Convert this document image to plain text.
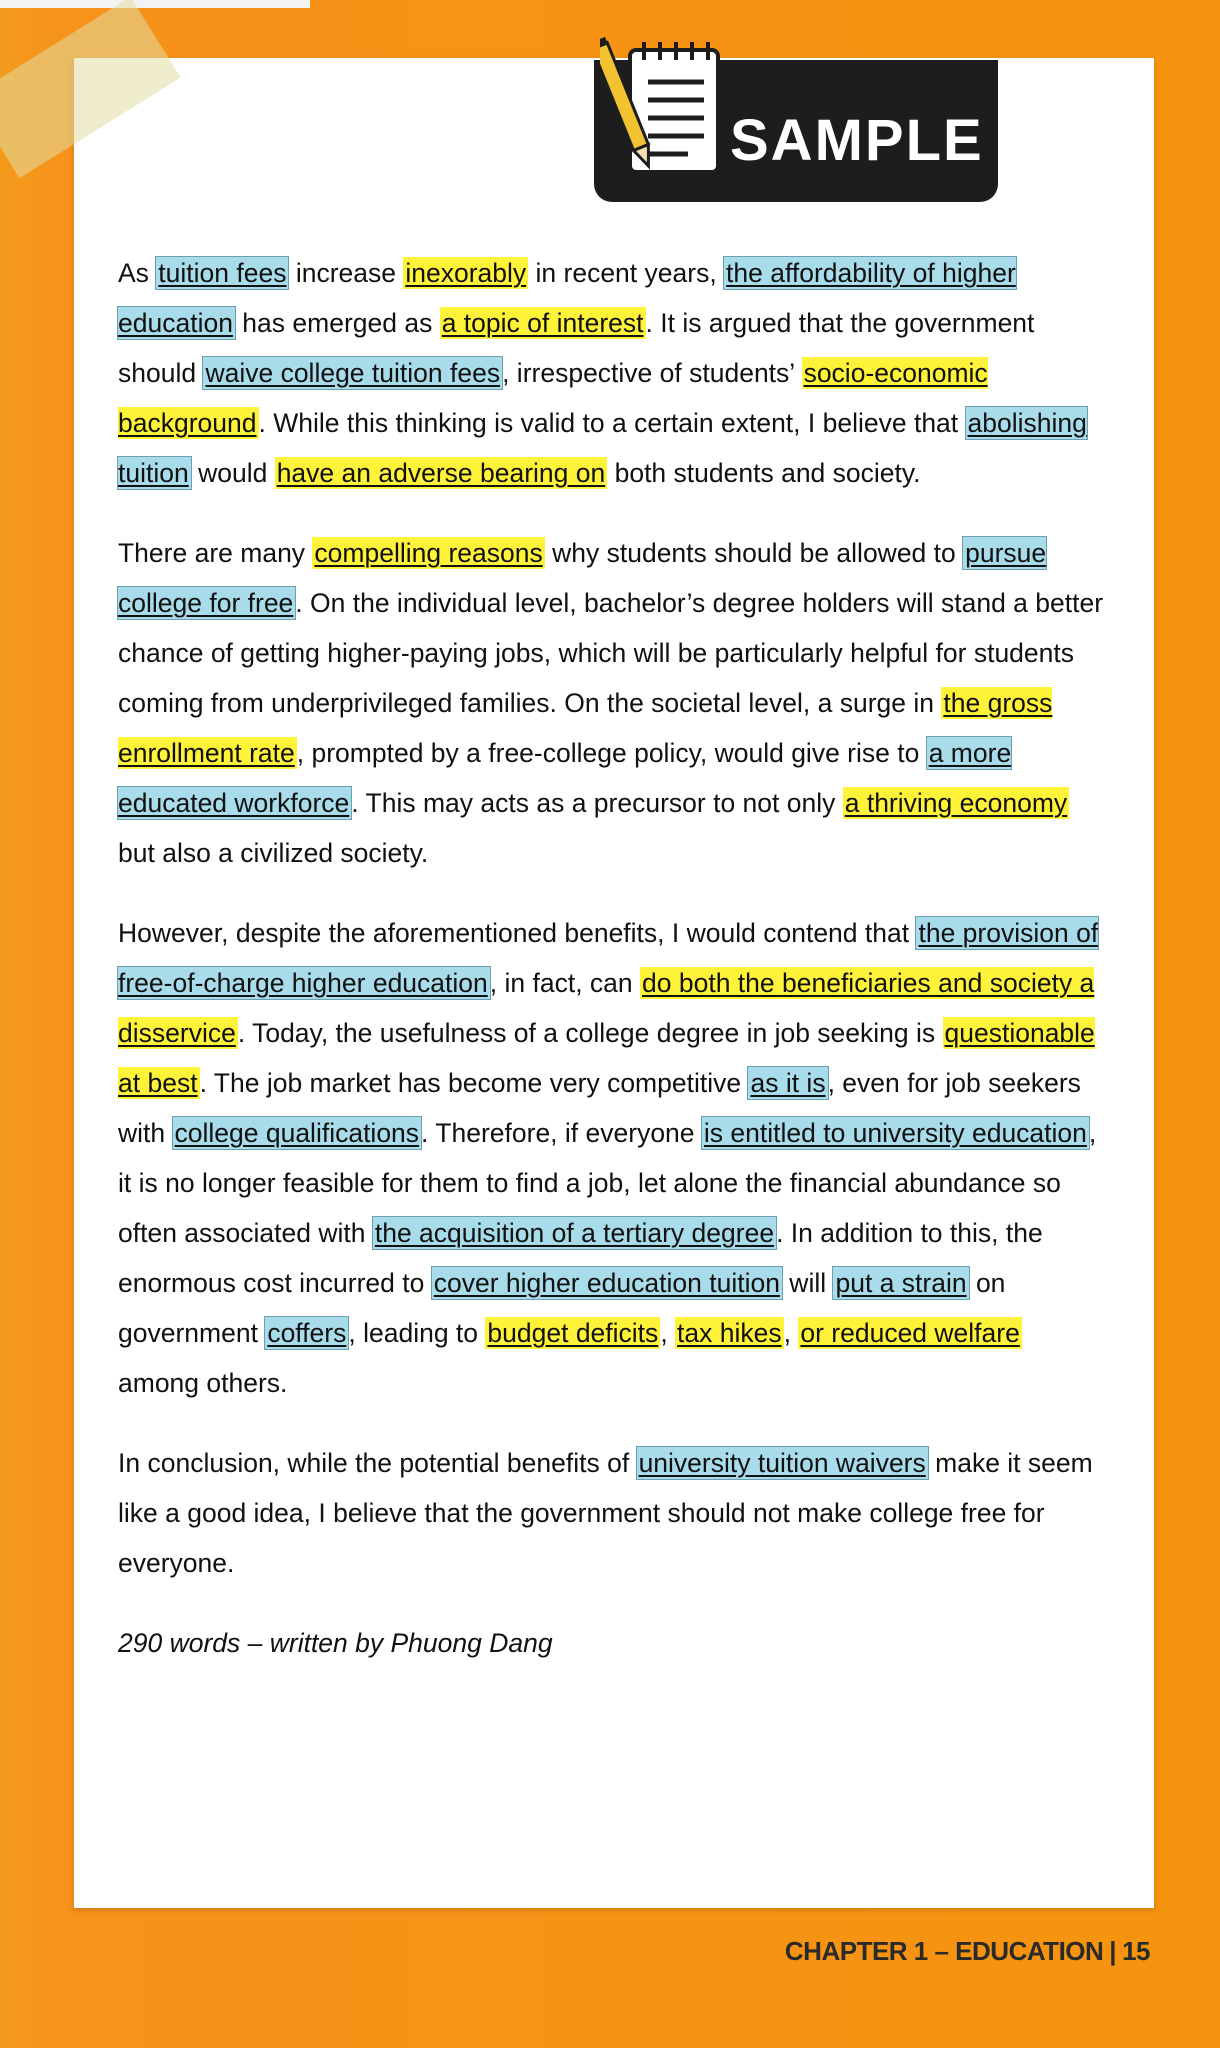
SAMPLE

As tuition fees increase inexorably in recent years, the affordability of higher education has emerged as a topic of interest. It is argued that the government should waive college tuition fees, irrespective of students’ socio-economic background. While this thinking is valid to a certain extent, I believe that abolishing tuition would have an adverse bearing on both students and society.

There are many compelling reasons why students should be allowed to pursue college for free. On the individual level, bachelor’s degree holders will stand a better chance of getting higher-paying jobs, which will be particularly helpful for students coming from underprivileged families. On the societal level, a surge in the gross enrollment rate, prompted by a free-college policy, would give rise to a more educated workforce. This may acts as a precursor to not only a thriving economy but also a civilized society.

However, despite the aforementioned benefits, I would contend that the provision of free-of-charge higher education, in fact, can do both the beneficiaries and society a disservice. Today, the usefulness of a college degree in job seeking is questionable at best. The job market has become very competitive as it is, even for job seekers with college qualifications. Therefore, if everyone is entitled to university education, it is no longer feasible for them to find a job, let alone the financial abundance so often associated with the acquisition of a tertiary degree. In addition to this, the enormous cost incurred to cover higher education tuition will put a strain on government coffers, leading to budget deficits, tax hikes, or reduced welfare among others.

In conclusion, while the potential benefits of university tuition waivers make it seem like a good idea, I believe that the government should not make college free for everyone.

290 words – written by Phuong Dang

CHAPTER 1 – EDUCATION | 15
